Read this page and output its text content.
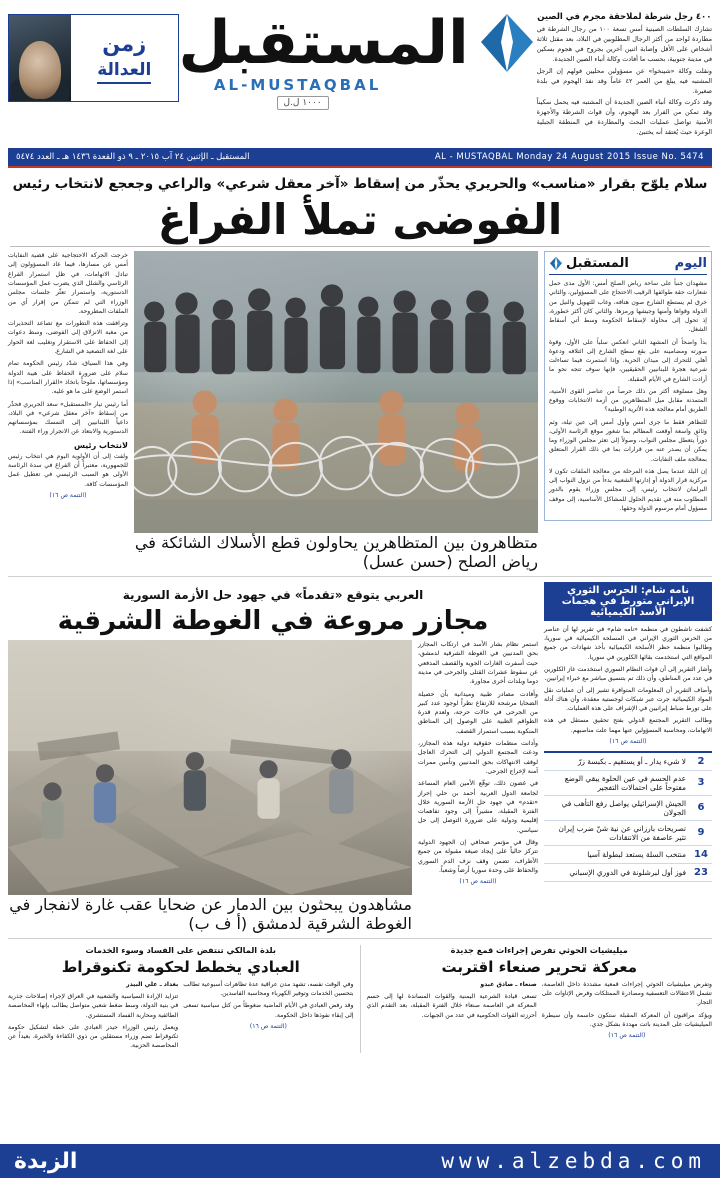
زمن
العدالة المستقبل
AL-MUSTAQBAL
١٠٠٠ ل.ل
٤٠٠ رجل شرطة لملاحقة مجرم في الصين

تشارك السلطات الصينية أمس تسعة ١٠٠ من رجال الشرطة في مطاردة لواحد من أكثر الرجال المطلوبين في البلاد، بعد مقتل ثلاثة أشخاص على الأقل وإصابة اثنين آخرين بجروح في هجوم بسكين في مدينة جنوبية، بحسب ما أفادت وكالة أنباء الصين الجديدة.

ونقلت وكالة «شينخوا» عن مسؤولين محليين قولهم إن الرجل المشتبه فيه يبلغ من العمر ٤٢ عاماً وقد نفذ الهجوم في بلدة صغيرة.

وقد ذكرت وكالة أنباء الصين الجديدة أن المشتبه فيه يحمل سكيناً وقد تمكن من الفرار بعد الهجوم، وأن قوات الشرطة والأجهزة الأمنية تواصل عمليات البحث والمطاردة في المنطقة الجبلية الوعرة حيث يُعتقد أنه يختبئ.

المستقبل ـ الإثنين ٢٤ آب ٢٠١٥ ـ ٩ ذو القعدة ١٤٣٦ هـ ـ العدد ٥٤٧٤	AL - MUSTAQBAL Monday 24 August 2015 Issue No. 5474
سلام يلوّح بقرار «مناسب» والحريري يحذّر من إسقاط «آخر معقل شرعي» والراعي وجعجع لانتخاب رئيس
الفوضى تملأ الفراغ

خرجت الحركة الاحتجاجية على قضية النفايات أمس عن مسارها، فيما عاد المسؤولون إلى تبادل الاتهامات، في ظل استمرار الفراغ الرئاسي والشلل الذي يضرب عمل المؤسسات الدستورية، واستمرار تعثّر جلسات مجلس الوزراء التي لم تتمكن من إقرار أي من الملفات المطروحة.

وترافقت هذه التطورات مع تصاعد التحذيرات من مغبة الانزلاق إلى الفوضى، وسط دعوات إلى الحفاظ على الاستقرار وتغليب لغة الحوار على لغة التصعيد في الشارع.

وفي هذا السياق، شدّد رئيس الحكومة تمام سلام على ضرورة الحفاظ على هيبة الدولة ومؤسساتها، ملوحاً باتخاذ «القرار المناسب» إذا استمر الوضع على ما هو عليه.

أما رئيس تيار «المستقبل» سعد الحريري فحذّر من إسقاط «آخر معقل شرعي» في البلاد، داعياً اللبنانيين إلى التمسك بمؤسساتهم الدستورية والابتعاد عن الانجرار وراء الفتنة.

لانتخاب رئيس

ولفت إلى أن الأولوية اليوم هي انتخاب رئيس للجمهورية، معتبراً أن الفراغ في سدة الرئاسة الأولى هو السبب الرئيسي في تعطيل عمل المؤسسات كافة.

(التتمة ص ١٦)
متظاهرون بين المتظاهرين يحاولون قطع الأسلاك الشائكة في رياض الصلح (حسن عسل)
المستقبل	اليوم

مشهدان جنباً على ساحة رياض الصلح أمس: الأول مدى حمل شعارات حقة طوائفها الرقيب الاحتجاج على المسؤولين، والثاني خرق لم يستطع الشارع صون هتافه، وغاب للتهويل والنيل من الدولة وقواها وأمنها وجيشها ورمزها. والثاني كان أكثر خطورة، إذ تحول إلى محاولة لإسقاط الحكومة وسط أتي أسقاط الشغل.

بدأ واضحاً أن المشهد الثاني انعكس سلباً على الأول، وقوة صورته ومضامينه على بقع سطح الشارع إلى ائتلافه ودعوة أهلي للتحرك إلى ميدان الحرية. وإذا استمرت فيما تساءلت شرعية هجرة للبنانيين الحقيقيين، فإنها سوف تتجه نحو ما أرادت الشارع في الأيام المقبلة.

وهل مسلوفة أكثر من ذلك حرصاً من عناصر القوى الأمنية، المتمدنة مقابل ميل المتظاهرين من أزمة الانتخابات ووقوع الطريق أمام معالجة هذه الأثرية الوطنية؟

للتظاهر فقط ما جرى أمس وأول أمس إلى عين تيلة، وثم وثائق واسعة أوقعت المظالم بما شغور موقع الرئاسة الأولى، دوراً يتعطل مجلس النواب، وصولاً إلى تعثر مجلس الوزراء وما يمكن أن يصدر عنه من قرارات بما في ذلك القرار المتعلق بمعالجة ملف النفايات.

إن البلد عندما يصل هذه المرحلة من معالجة الملفات تكون لا مركزية قرار الدولة أو إدارتها الشعبية بدءاً من نزول النواب إلى البرلمان لانتخاب رئيس، إلى مجلس وزراء يقوم بالدور المطلوب منه في تقديم الحلول للمشاكل الأساسية، إلى موقف مسؤول أمام مرسوم الدولة وحقها.

العربي يتوقع «تقدماً» في جهود حل الأزمة السورية
مجازر مروعة في الغوطة الشرقية
مشاهدون يبحثون بين الدمار عن ضحايا عقب غارة لانفجار في الغوطة الشرقية لدمشق (أ ف ب)

استمر نظام بشار الأسد في ارتكاب المجازر بحق المدنيين في الغوطة الشرقية لدمشق، حيث أسفرت الغارات الجوية والقصف المدفعي عن سقوط عشرات القتلى والجرحى في مدينة دوما وبلدات أخرى مجاورة.

وأفادت مصادر طبية وميدانية بأن حصيلة الضحايا مرشحة للارتفاع نظراً لوجود عدد كبير من الجرحى في حالات حرجة، ولعدم قدرة الطواقم الطبية على الوصول إلى المناطق المنكوبة بسبب استمرار القصف.

وأدانت منظمات حقوقية دولية هذه المجازر، ودعت المجتمع الدولي إلى التحرك العاجل لوقف الانتهاكات بحق المدنيين وتأمين ممرات آمنة لإخراج الجرحى.

في غضون ذلك، توقّع الأمين العام المساعد لجامعة الدول العربية أحمد بن حلي إحراز «تقدم» في جهود حل الأزمة السورية خلال الفترة المقبلة، مشيراً إلى وجود تفاهمات إقليمية ودولية على ضرورة التوصل إلى حل سياسي.

وقال في مؤتمر صحافي إن الجهود الدولية تتركز حالياً على إيجاد صيغة مقبولة من جميع الأطراف، تضمن وقف نزف الدم السوري والحفاظ على وحدة سوريا أرضاً وشعباً.

(التتمة ص ١٦)
نامه شام: الحرس الثوري الإيراني متورط في هجمات الأسد الكيميائية

كشفت ناشطون في منظمة «نامه شام» في تقرير لها أن عناصر من الحرس الثوري الإيراني في المسلحة الكيميائية في سوريا، وطالبوا منظمة حظر الأسلحة الكيميائية بأخذ شهادات من جميع المواقع التي استخدمت بقائها الكلورين في سوريا.

وأشار التقرير إلى أن قوات النظام السوري استخدمت غاز الكلورين في عدد من المناطق، وأن ذلك تم بتنسيق مباشر مع خبراء إيرانيين.

وأضاف التقرير أن المعلومات المتوافرة تشير إلى أن عمليات نقل المواد الكيميائية جرت عبر شبكات لوجستية معقدة، وأن هناك أدلة على تورط ضباط إيرانيين في الإشراف على هذه العمليات.

وطالب التقرير المجتمع الدولي بفتح تحقيق مستقل في هذه الاتهامات، ومحاسبة المسؤولين عنها مهما علت مناصبهم.

(التتمة ص ١٦)
لا شيء يدار ـ أو يستقيم ـ بكبسة زرّ	2
عدم الحسم في عين الحلوة يبقي الوضع مفتوحاً على احتمالات التفجير	3
الجيش الإسرائيلي يواصل رفع التأهب في الجولان	6
تصريحات بارزاني عن نية شنّ ضرب إيران تثير عاصفة من الانتقادات	9
منتخب السلة يستعد لبطولة آسيا 14
فوز أول لبرشلونة في الدوري الإسباني 23
بلدة المالكي تنتفض على الفساد وسوء الخدمات
العبادي يخطط لحكومة تكنوقراط

بغداد ـ علي البيدر

تتزايد الإرادة السياسية والشعبية في العراق لإجراء إصلاحات جذرية في بنية الدولة، وسط ضغط شعبي متواصل يطالب بإنهاء المحاصصة الطائفية ومحاربة الفساد المستشري.

ويعمل رئيس الوزراء حيدر العبادي على خطة لتشكيل حكومة تكنوقراط تضم وزراء مستقلين من ذوي الكفاءة والخبرة، بعيداً عن المحاصصة الحزبية.

وفي الوقت نفسه، تشهد مدن عراقية عدة تظاهرات أسبوعية تطالب بتحسين الخدمات وتوفير الكهرباء ومحاسبة الفاسدين.

وقد رفض العبادي في الأيام الماضية ضغوطاً من كتل سياسية تسعى إلى إبقاء نفوذها داخل الحكومة.

(التتمة ص ١٦)
ميليشيات الحوثي تفرض إجراءات قمع جديدة
معركة تحرير صنعاء اقتربت

صنعاء ـ صادق عبدو

تسعى قيادة الشرعية اليمنية والقوات المساندة لها إلى حسم المعركة في العاصمة صنعاء خلال الفترة المقبلة، بعد التقدم الذي أحرزته القوات الحكومية في عدد من الجبهات.

وتفرض ميليشيات الحوثي إجراءات قمعية مشددة داخل العاصمة، تشمل الاعتقالات التعسفية ومصادرة الممتلكات وفرض الإتاوات على التجار.

ويؤكد مراقبون أن المعركة المقبلة ستكون حاسمة وأن سيطرة الميليشيات على المدينة باتت مهددة بشكل جدي.

(التتمة ص ١٦)
الزبدة	www.alzebda.com
